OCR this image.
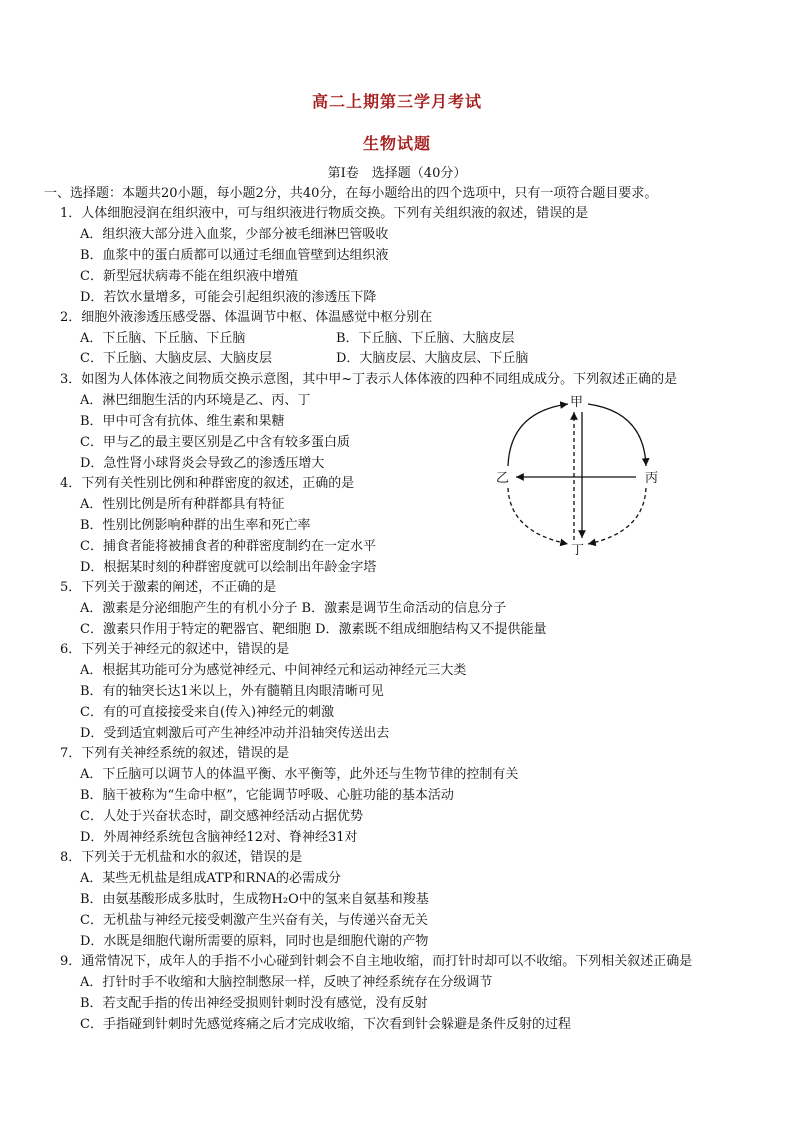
高二上期第三学月考试
生物试题
第Ⅰ卷　选择题（40分）
一、选择题：本题共20小题，每小题2分，共40分，在每小题给出的四个选项中，只有一项符合题目要求。
1．人体细胞浸润在组织液中，可与组织液进行物质交换。下列有关组织液的叙述，错误的是
A．组织液大部分进入血浆，少部分被毛细淋巴管吸收
B．血浆中的蛋白质都可以通过毛细血管壁到达组织液
C．新型冠状病毒不能在组织液中增殖
D．若饮水量增多，可能会引起组织液的渗透压下降
2．细胞外液渗透压感受器、体温调节中枢、体温感觉中枢分别在
A．下丘脑、下丘脑、下丘脑	B．下丘脑、下丘脑、大脑皮层
C．下丘脑、大脑皮层、大脑皮层	D．大脑皮层、大脑皮层、下丘脑
3．如图为人体体液之间物质交换示意图，其中甲~丁表示人体体液的四种不同组成成分。下列叙述正确的是
A．淋巴细胞生活的内环境是乙、丙、丁
B．甲中可含有抗体、维生素和果糖
C．甲与乙的最主要区别是乙中含有较多蛋白质
D．急性肾小球肾炎会导致乙的渗透压增大
甲
乙	丙
丁
4．下列有关性别比例和种群密度的叙述，正确的是
A．性别比例是所有种群都具有特征
B．性别比例影响种群的出生率和死亡率
C．捕食者能将被捕食者的种群密度制约在一定水平
D．根据某时刻的种群密度就可以绘制出年龄金字塔
5．下列关于激素的阐述，不正确的是
A．激素是分泌细胞产生的有机小分子 B．激素是调节生命活动的信息分子
C．激素只作用于特定的靶器官、靶细胞 D．激素既不组成细胞结构又不提供能量
6．下列关于神经元的叙述中，错误的是
A．根据其功能可分为感觉神经元、中间神经元和运动神经元三大类
B．有的轴突长达1米以上，外有髓鞘且肉眼清晰可见
C．有的可直接接受来自(传入)神经元的刺激
D．受到适宜刺激后可产生神经冲动并沿轴突传送出去
7．下列有关神经系统的叙述，错误的是
A．下丘脑可以调节人的体温平衡、水平衡等，此外还与生物节律的控制有关
B．脑干被称为“生命中枢”，它能调节呼吸、心脏功能的基本活动
C．人处于兴奋状态时，副交感神经活动占据优势
D．外周神经系统包含脑神经12对、脊神经31对
8．下列关于无机盐和水的叙述，错误的是
A．某些无机盐是组成ATP和RNA的必需成分
B．由氨基酸形成多肽时，生成物H₂O中的氢来自氨基和羧基
C．无机盐与神经元接受刺激产生兴奋有关，与传递兴奋无关
D．水既是细胞代谢所需要的原料，同时也是细胞代谢的产物
9．通常情况下，成年人的手指不小心碰到针刺会不自主地收缩，而打针时却可以不收缩。下列相关叙述正确是
A．打针时手不收缩和大脑控制憋尿一样，反映了神经系统存在分级调节
B．若支配手指的传出神经受损则针刺时没有感觉，没有反射
C．手指碰到针刺时先感觉疼痛之后才完成收缩，下次看到针会躲避是条件反射的过程
